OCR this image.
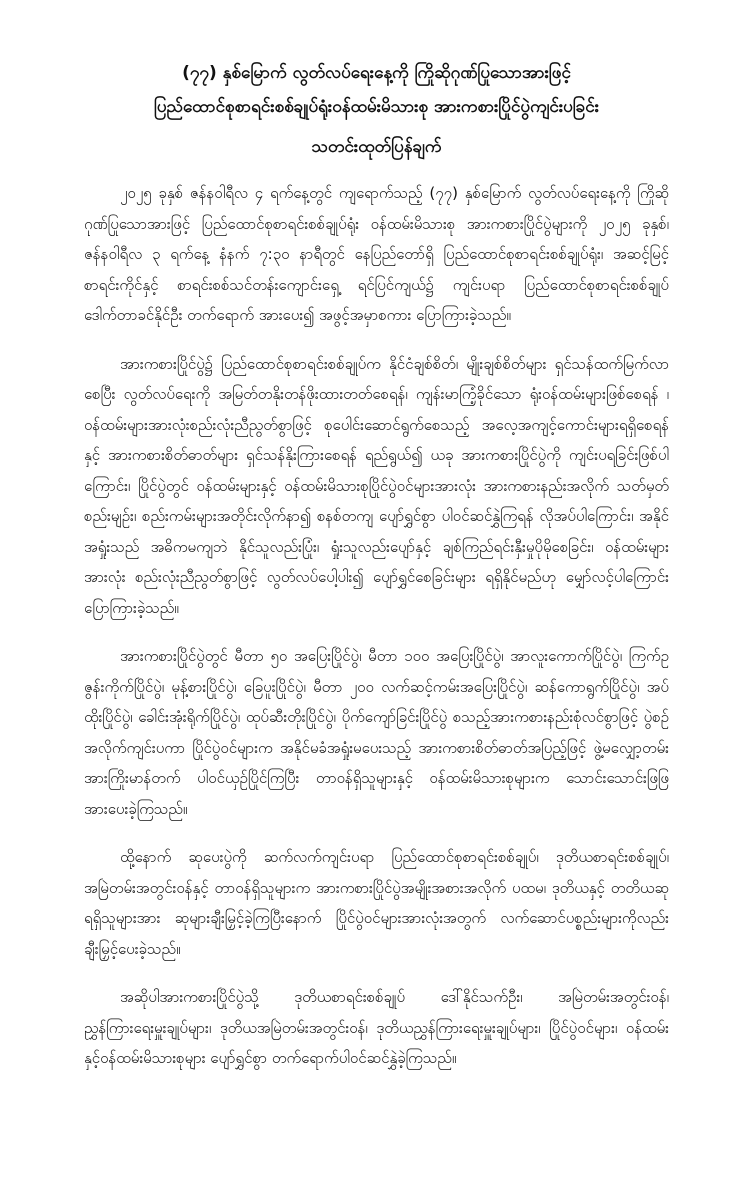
(၇၇) နှစ်မြောက် လွတ်လပ်ရေးနေ့ကို ကြိုဆိုဂုဏ်ပြုသောအားဖြင့်
ပြည်ထောင်စုစာရင်းစစ်ချုပ်ရုံးဝန်ထမ်းမိသားစု အားကစားပြိုင်ပွဲကျင်းပခြင်း
သတင်းထုတ်ပြန်ချက်

၂၀၂၅ ခုနှစ် ဇန်နဝါရီလ ၄ ရက်နေ့တွင် ကျရောက်သည့် (၇၇) နှစ်မြောက် လွတ်လပ်ရေးနေ့ကို ကြိုဆိုဂုဏ်ပြုသောအားဖြင့် ပြည်ထောင်စုစာရင်းစစ်ချုပ်ရုံး ဝန်ထမ်းမိသားစု အားကစားပြိုင်ပွဲများကို ၂၀၂၅ ခုနှစ်၊ ဇန်နဝါရီလ ၃ ရက်နေ့ နံနက် ၇:၃၀ နာရီတွင် နေပြည်တော်ရှိ ပြည်ထောင်စုစာရင်းစစ်ချုပ်ရုံး၊ အဆင့်မြင့်စာရင်းကိုင်နှင့် စာရင်းစစ်သင်တန်းကျောင်းရှေ့ ရင်ပြင်ကျယ်၌ ကျင်းပရာ ပြည်ထောင်စုစာရင်းစစ်ချုပ် ဒေါက်တာခင်နိုင်ဦး တက်ရောက် အားပေး၍ အဖွင့်အမှာစကား ပြောကြားခဲ့သည်။

အားကစားပြိုင်ပွဲ၌ ပြည်ထောင်စုစာရင်းစစ်ချုပ်က နိုင်ငံချစ်စိတ်၊ မျိုးချစ်စိတ်များ ရှင်သန်ထက်မြက်လာစေပြီး လွတ်လပ်ရေးကို အမြတ်တနိုးတန်ဖိုးထားတတ်စေရန်၊ ကျန်းမာကြံ့ခိုင်သော ရုံးဝန်ထမ်းများဖြစ်စေရန် ၊ ဝန်ထမ်းများအားလုံးစည်းလုံးညီညွတ်စွာဖြင့် စုပေါင်းဆောင်ရွက်စေသည့် အလေ့အကျင့်ကောင်းများရရှိစေရန်နှင့် အားကစားစိတ်ဓာတ်များ ရှင်သန်နိုးကြားစေရန် ရည်ရွယ်၍ ယခု အားကစားပြိုင်ပွဲကို ကျင်းပရခြင်းဖြစ်ပါကြောင်း၊ ပြိုင်ပွဲတွင် ဝန်ထမ်းများနှင့် ဝန်ထမ်းမိသားစုပြိုင်ပွဲဝင်များအားလုံး အားကစားနည်းအလိုက် သတ်မှတ်စည်းမျဉ်း၊ စည်းကမ်းများအတိုင်းလိုက်နာ၍ စနစ်တကျ ပျော်ရွှင်စွာ ပါဝင်ဆင်နွှဲကြရန် လိုအပ်ပါကြောင်း၊ အနိုင်အရှုံးသည် အဓိကမကျဘဲ နိုင်သူလည်းပြုံး၊ ရှုံးသူလည်းပျော်နှင့် ချစ်ကြည်ရင်းနှီးမှုပိုမိုစေခြင်း၊ ဝန်ထမ်းများအားလုံး စည်းလုံးညီညွတ်စွာဖြင့် လွတ်လပ်ပေါ့ပါး၍ ပျော်ရွှင်စေခြင်းများ ရရှိနိုင်မည်ဟု မျှော်လင့်ပါကြောင်း ပြောကြားခဲ့သည်။

အားကစားပြိုင်ပွဲတွင် မီတာ ၅၀ အပြေးပြိုင်ပွဲ၊ မီတာ ၁၀၀ အပြေးပြိုင်ပွဲ၊ အာလူးကောက်ပြိုင်ပွဲ၊ ကြက်ဥဇွန်းကိုက်ပြိုင်ပွဲ၊ မုန့်စားပြိုင်ပွဲ၊ ခြေပူးပြိုင်ပွဲ၊ မီတာ ၂၀၀ လက်ဆင့်ကမ်းအပြေးပြိုင်ပွဲ၊ ဆန်ကောရွက်ပြိုင်ပွဲ၊ အပ်ထိုးပြိုင်ပွဲ၊ ခေါင်းအုံးရိုက်ပြိုင်ပွဲ၊ ထုပ်ဆီးတိုးပြိုင်ပွဲ၊ ပိုက်ကျော်ခြင်းပြိုင်ပွဲ စသည့်အားကစားနည်းစုံလင်စွာဖြင့် ပွဲစဉ်အလိုက်ကျင်းပကာ ပြိုင်ပွဲဝင်များက အနိုင်မခံအရှုံးမပေးသည့် အားကစားစိတ်ဓာတ်အပြည့်ဖြင့် ဖွဲ့မလျှော့တမ်း အားကြိုးမာန်တက် ပါဝင်ယှဉ်ပြိုင်ကြပြီး တာဝန်ရှိသူများနှင့် ဝန်ထမ်းမိသားစုများက သောင်းသောင်းဖြဖြ အားပေးခဲ့ကြသည်။

ထို့နောက် ဆုပေးပွဲကို ဆက်လက်ကျင်းပရာ ပြည်ထောင်စုစာရင်းစစ်ချုပ်၊ ဒုတိယစာရင်းစစ်ချုပ်၊ အမြဲတမ်းအတွင်းဝန်နှင့် တာဝန်ရှိသူများက အားကစားပြိုင်ပွဲအမျိုးအစားအလိုက် ပထမ၊ ဒုတိယနှင့် တတိယဆုရရှိသူများအား ဆုများချီးမြှင့်ခဲ့ကြပြီးနောက် ပြိုင်ပွဲဝင်များအားလုံးအတွက် လက်ဆောင်ပစ္စည်းများကိုလည်း ချီးမြှင့်ပေးခဲ့သည်။

အဆိုပါအားကစားပြိုင်ပွဲသို့ ဒုတိယစာရင်းစစ်ချုပ် ဒေါ်နိုင်သက်ဦး၊ အမြဲတမ်းအတွင်းဝန်၊ ညွှန်ကြားရေးမှူးချုပ်များ၊ ဒုတိယအမြဲတမ်းအတွင်းဝန်၊ ဒုတိယညွှန်ကြားရေးမှူးချုပ်များ၊ ပြိုင်ပွဲဝင်များ၊ ဝန်ထမ်းနှင့်ဝန်ထမ်းမိသားစုများ ပျော်ရွှင်စွာ တက်ရောက်ပါဝင်ဆင်နွှဲခဲ့ကြသည်။
